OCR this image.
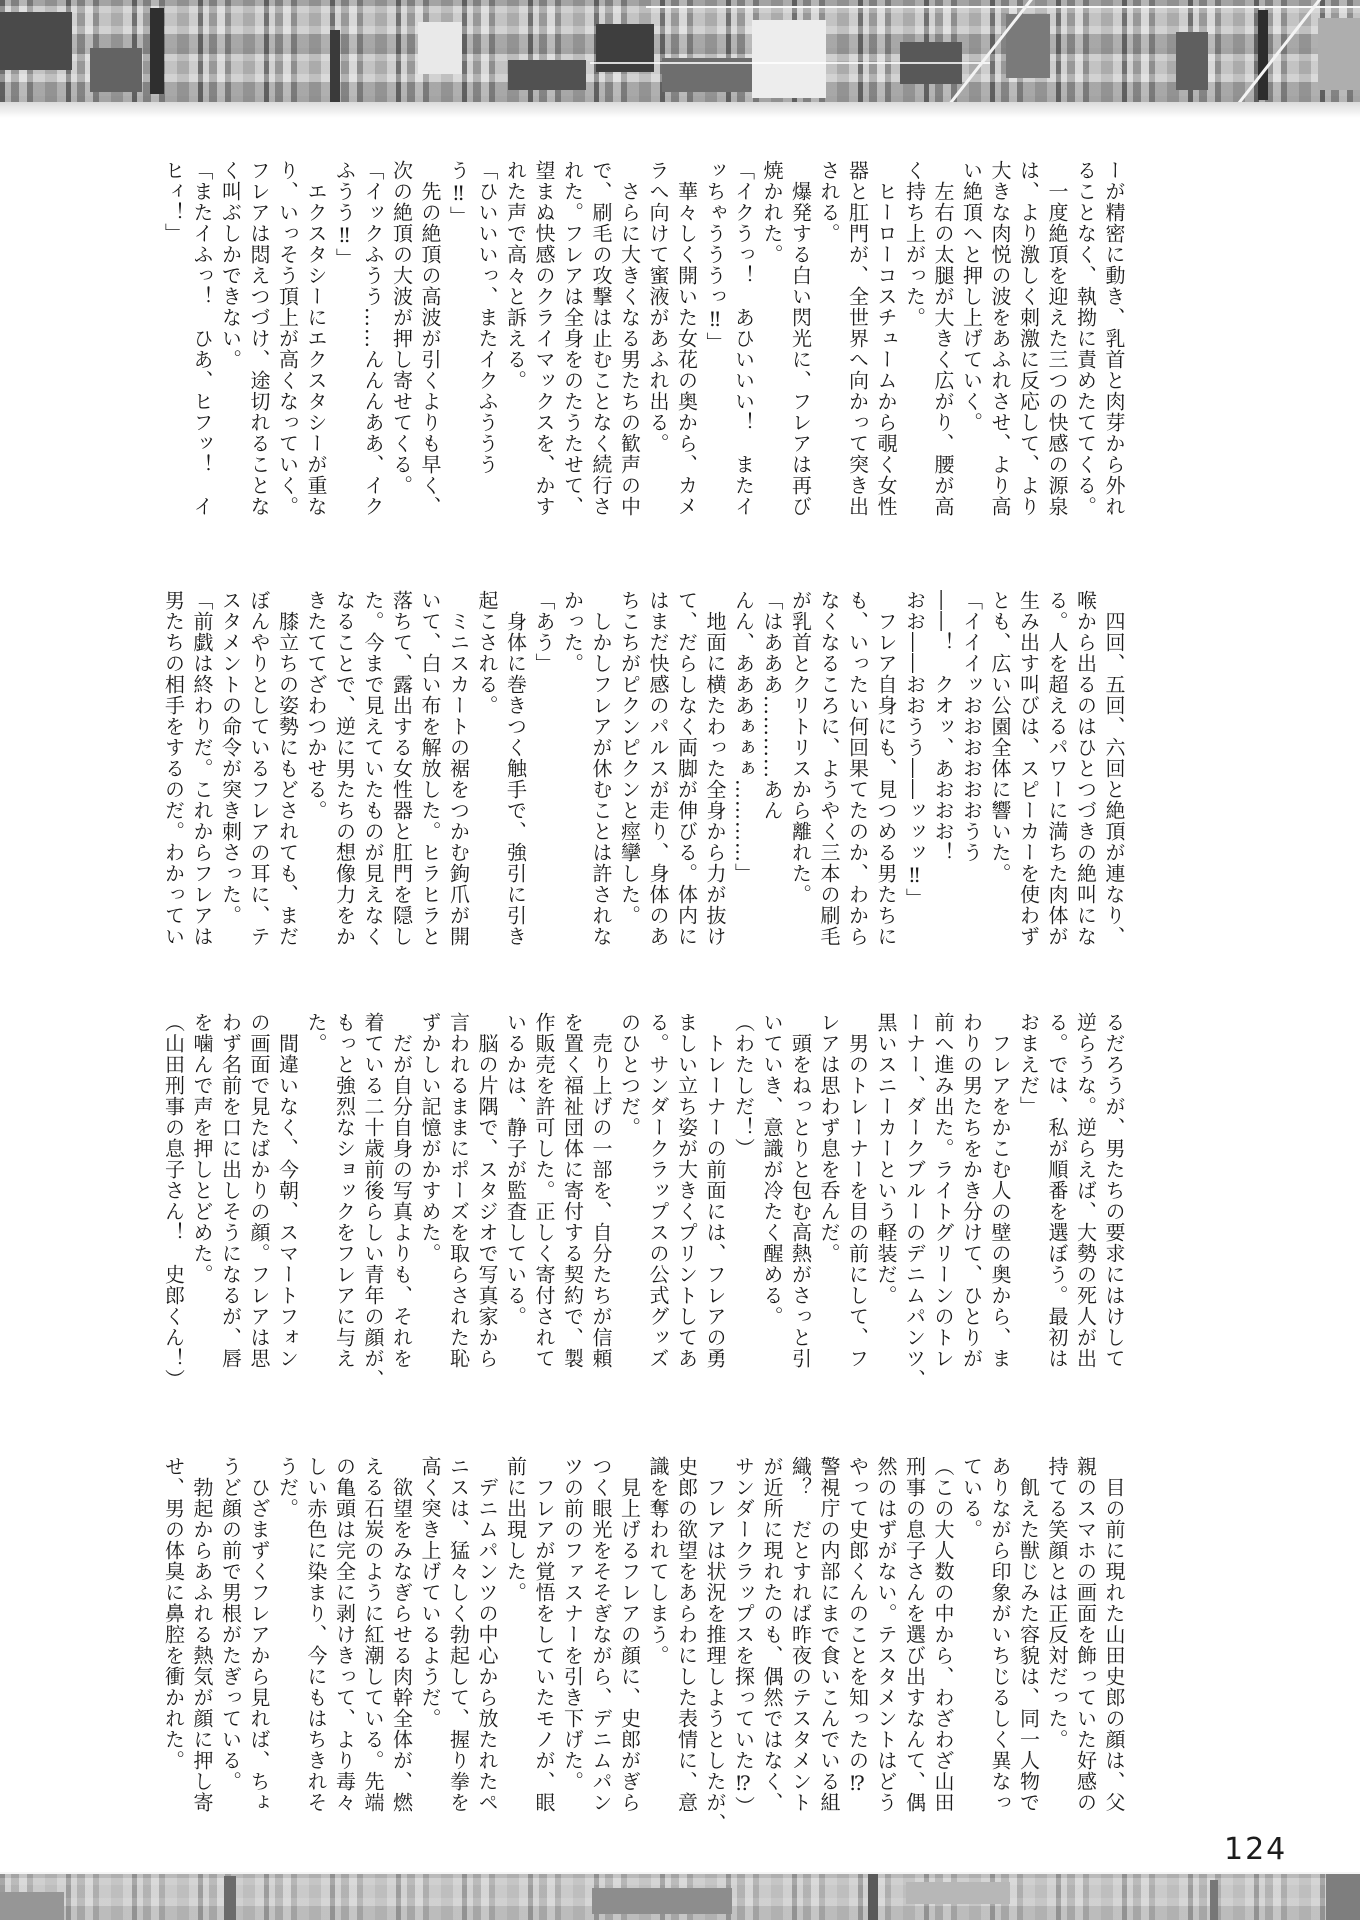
ーが精密に動き、乳首と肉芽から外れ
ることなく、執拗に責めたててくる。
　一度絶頂を迎えた三つの快感の源泉
は、より激しく刺激に反応して、より
大きな肉悦の波をあふれさせ、より高
い絶頂へと押し上げていく。
　左右の太腿が大きく広がり、腰が高
く持ち上がった。
　ヒーローコスチュームから覗く女性
器と肛門が、全世界へ向かって突き出
される。
　爆発する白い閃光に、フレアは再び
焼かれた。
「イクうっ！　あひいいい！　またイ
ッちゃうううっ‼」
　華々しく開いた女花の奥から、カメ
ラへ向けて蜜液があふれ出る。
　さらに大きくなる男たちの歓声の中
で、刷毛の攻撃は止むことなく続行さ
れた。フレアは全身をのたうたせて、
望まぬ快感のクライマックスを、かす
れた声で高々と訴える。
「ひいいいっ、またイクふううう
う‼」
　先の絶頂の高波が引くよりも早く、
次の絶頂の大波が押し寄せてくる。
「イックふうう……んんんああ、イク
ふうう‼」
　エクスタシーにエクスタシーが重な
り、いっそう頂上が高くなっていく。
フレアは悶えつづけ、途切れることな
く叫ぶしかできない。
「またイふっ！　ひあ、ヒフッ！　イ
ヒィ！」
　四回、五回、六回と絶頂が連なり、
喉から出るのはひとつづきの絶叫にな
る。人を超えるパワーに満ちた肉体が
生み出す叫びは、スピーカーを使わず
とも、広い公園全体に響いた。
「イイイッおおおおおおうう
――！　クオッ、あおおお！
おお――おおうう――ッッッ‼」
　フレア自身にも、見つめる男たちに
も、いったい何回果てたのか、わから
なくなるころに、ようやく三本の刷毛
が乳首とクリトリスから離れた。
「はあああ…………あん
んん、あああぁぁぁ…………」
　地面に横たわった全身から力が抜け
て、だらしなく両脚が伸びる。体内に
はまだ快感のパルスが走り、身体のあ
ちこちがピクンピクンと痙攣した。
　しかしフレアが休むことは許されな
かった。
「あう」
　身体に巻きつく触手で、強引に引き
起こされる。
　ミニスカートの裾をつかむ鉤爪が開
いて、白い布を解放した。ヒラヒラと
落ちて、露出する女性器と肛門を隠し
た。今まで見えていたものが見えなく
なることで、逆に男たちの想像力をか
きたててざわつかせる。
　膝立ちの姿勢にもどされても、まだ
ぼんやりとしているフレアの耳に、テ
スタメントの命令が突き刺さった。
「前戯は終わりだ。これからフレアは
男たちの相手をするのだ。わかってい
るだろうが、男たちの要求にはけして
逆らうな。逆らえば、大勢の死人が出
る。では、私が順番を選ぼう。最初は
おまえだ」
　フレアをかこむ人の壁の奥から、ま
わりの男たちをかき分けて、ひとりが
前へ進み出た。ライトグリーンのトレ
ーナー、ダークブルーのデニムパンツ、
黒いスニーカーという軽装だ。
　男のトレーナーを目の前にして、フ
レアは思わず息を呑んだ。
　頭をねっとりと包む高熱がさっと引
いていき、意識が冷たく醒める。
（わたしだ！）
　トレーナーの前面には、フレアの勇
ましい立ち姿が大きくプリントしてあ
る。サンダークラップスの公式グッズ
のひとつだ。
　売り上げの一部を、自分たちが信頼
を置く福祉団体に寄付する契約で、製
作販売を許可した。正しく寄付されて
いるかは、静子が監査している。
　脳の片隅で、スタジオで写真家から
言われるままにポーズを取らされた恥
ずかしい記憶がかすめた。
　だが自分自身の写真よりも、それを
着ている二十歳前後らしい青年の顔が、
もっと強烈なショックをフレアに与え
た。
　間違いなく、今朝、スマートフォン
の画面で見たばかりの顔。フレアは思
わず名前を口に出しそうになるが、唇
を噛んで声を押しとどめた。
（山田刑事の息子さん！　史郎くん！）
　目の前に現れた山田史郎の顔は、父
親のスマホの画面を飾っていた好感の
持てる笑顔とは正反対だった。
　飢えた獣じみた容貌は、同一人物で
ありながら印象がいちじるしく異なっ
ている。
（この大人数の中から、わざわざ山田
刑事の息子さんを選び出すなんて、偶
然のはずがない。テスタメントはどう
やって史郎くんのことを知ったの⁉
警視庁の内部にまで食いこんでいる組
織？　だとすれば昨夜のテスタメント
が近所に現れたのも、偶然ではなく、
サンダークラップスを探っていた⁉）
　フレアは状況を推理しようとしたが、
史郎の欲望をあらわにした表情に、意
識を奪われてしまう。
　見上げるフレアの顔に、史郎がぎら
つく眼光をそそぎながら、デニムパン
ツの前のファスナーを引き下げた。
　フレアが覚悟をしていたモノが、眼
前に出現した。
　デニムパンツの中心から放たれたペ
ニスは、猛々しく勃起して、握り拳を
高く突き上げているようだ。
　欲望をみなぎらせる肉幹全体が、燃
える石炭のように紅潮している。先端
の亀頭は完全に剥けきって、より毒々
しい赤色に染まり、今にもはちきれそ
うだ。
　ひざまずくフレアから見れば、ちょ
うど顔の前で男根がたぎっている。
　勃起からあふれる熱気が顔に押し寄
せ、男の体臭に鼻腔を衝かれた。
124
